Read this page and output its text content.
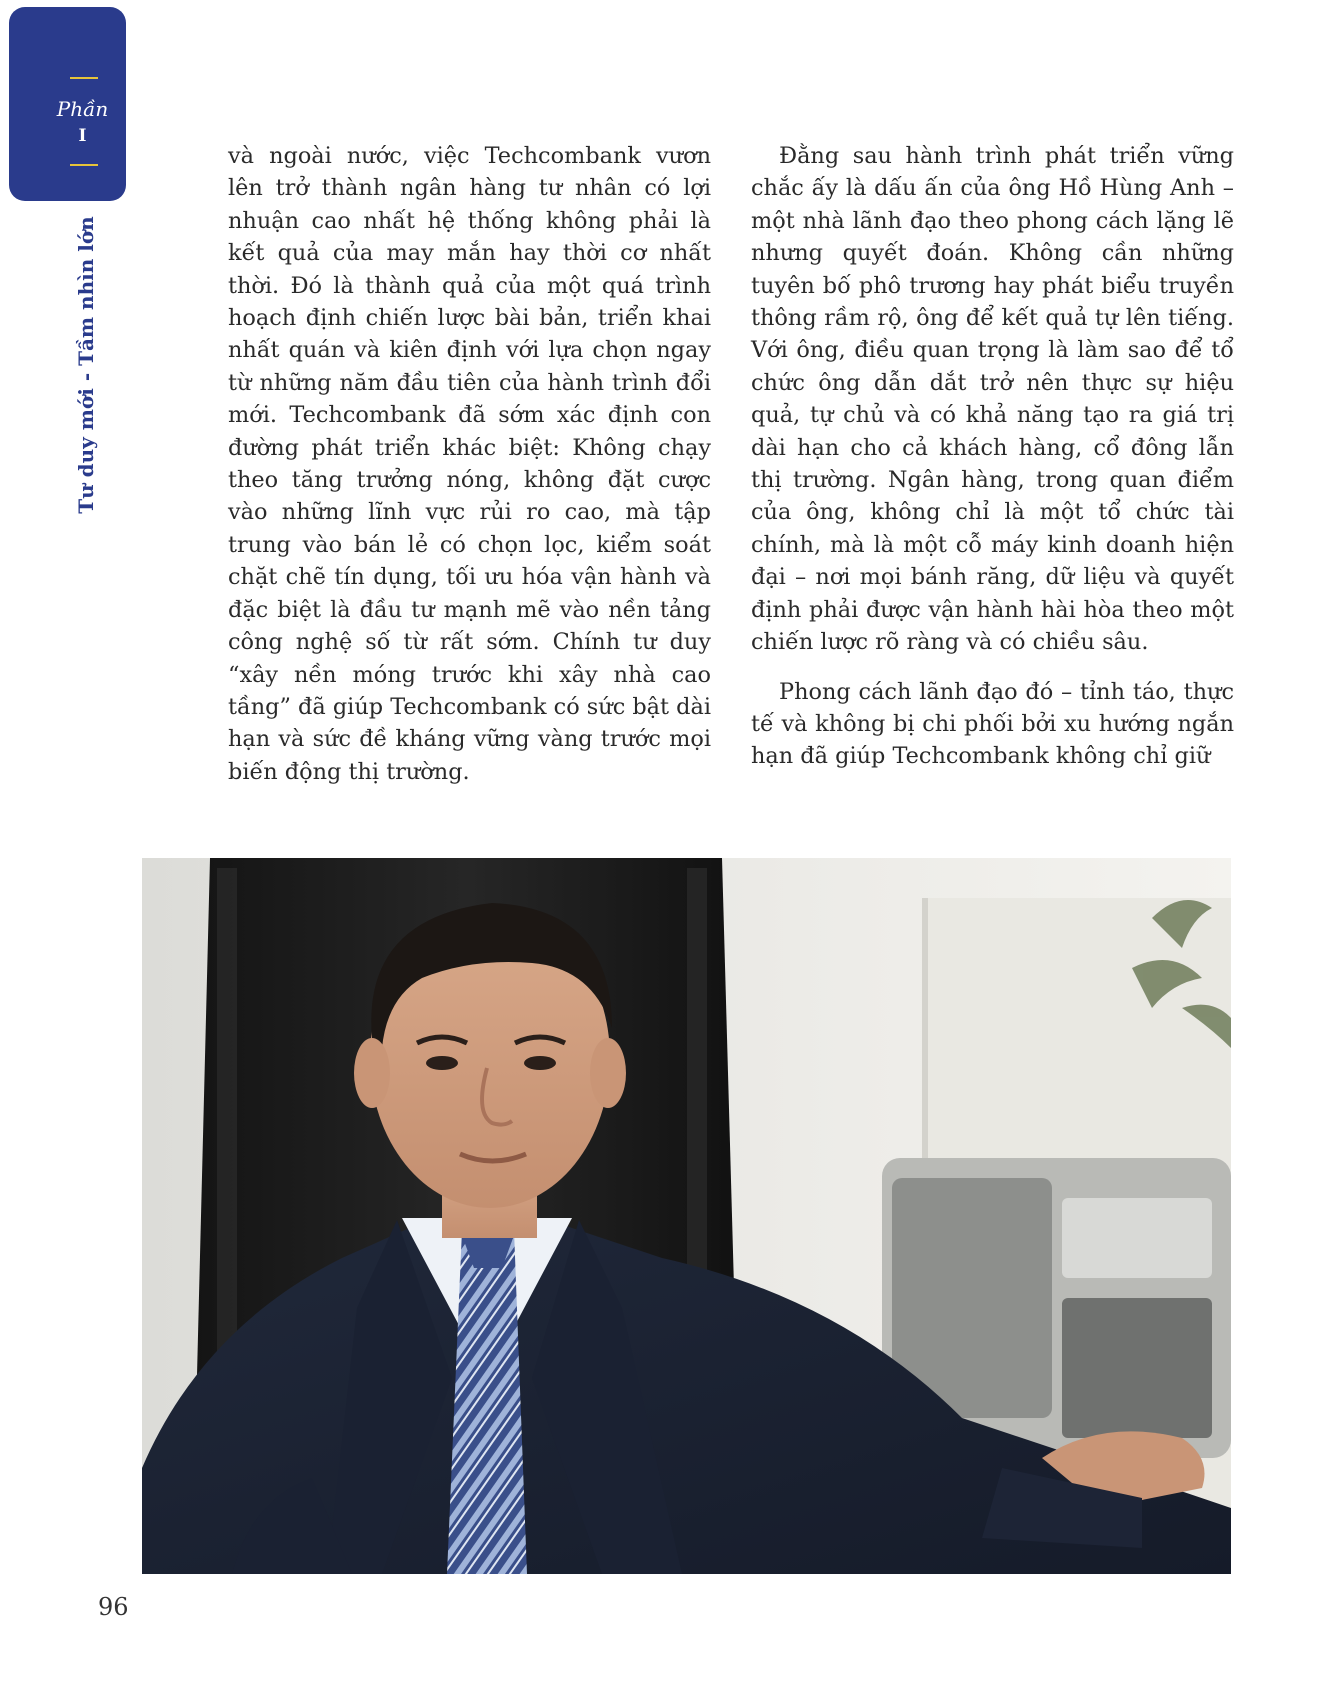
Phần
I
Tư duy mới - Tầm nhìn lớn

và ngoài nước, việc Techcombank vươn lên trở thành ngân hàng tư nhân có lợi nhuận cao nhất hệ thống không phải là kết quả của may mắn hay thời cơ nhất thời. Đó là thành quả của một quá trình hoạch định chiến lược bài bản, triển khai nhất quán và kiên định với lựa chọn ngay từ những năm đầu tiên của hành trình đổi mới. Techcombank đã sớm xác định con đường phát triển khác biệt: Không chạy theo tăng trưởng nóng, không đặt cược vào những lĩnh vực rủi ro cao, mà tập trung vào bán lẻ có chọn lọc, kiểm soát chặt chẽ tín dụng, tối ưu hóa vận hành và đặc biệt là đầu tư mạnh mẽ vào nền tảng công nghệ số từ rất sớm. Chính tư duy “xây nền móng trước khi xây nhà cao tầng” đã giúp Techcombank có sức bật dài hạn và sức đề kháng vững vàng trước mọi biến động thị trường.

Đằng sau hành trình phát triển vững chắc ấy là dấu ấn của ông Hồ Hùng Anh – một nhà lãnh đạo theo phong cách lặng lẽ nhưng quyết đoán. Không cần những tuyên bố phô trương hay phát biểu truyền thông rầm rộ, ông để kết quả tự lên tiếng. Với ông, điều quan trọng là làm sao để tổ chức ông dẫn dắt trở nên thực sự hiệu quả, tự chủ và có khả năng tạo ra giá trị dài hạn cho cả khách hàng, cổ đông lẫn thị trường. Ngân hàng, trong quan điểm của ông, không chỉ là một tổ chức tài chính, mà là một cỗ máy kinh doanh hiện đại – nơi mọi bánh răng, dữ liệu và quyết định phải được vận hành hài hòa theo một chiến lược rõ ràng và có chiều sâu.

Phong cách lãnh đạo đó – tỉnh táo, thực tế và không bị chi phối bởi xu hướng ngắn hạn đã giúp Techcombank không chỉ giữ

96
